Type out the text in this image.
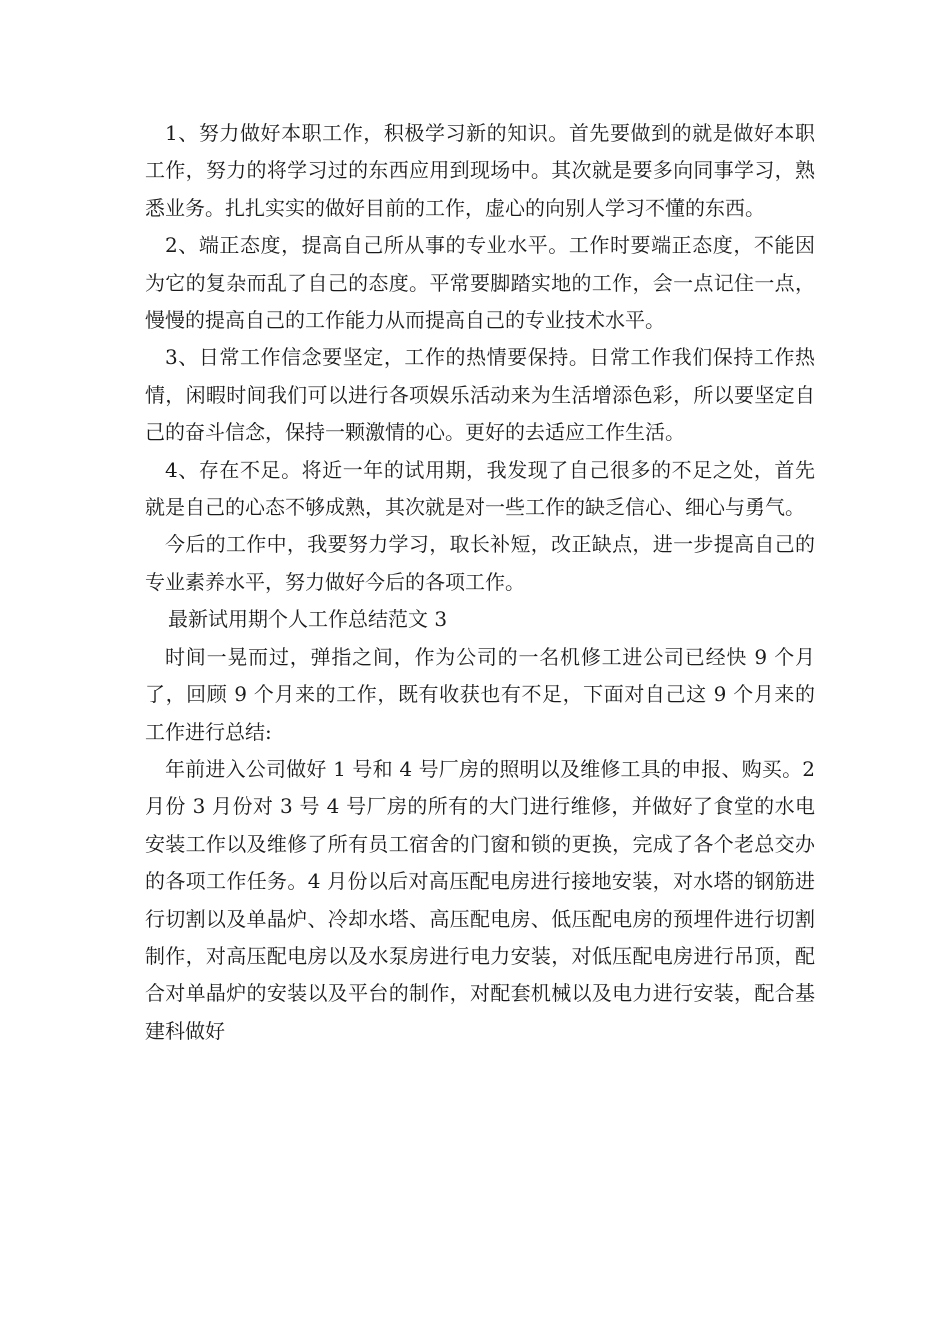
1、努力做好本职工作，积极学习新的知识。首先要做到的就是做好本职工作，努力的将学习过的东西应用到现场中。其次就是要多向同事学习，熟悉业务。扎扎实实的做好目前的工作，虚心的向别人学习不懂的东西。

2、端正态度，提高自己所从事的专业水平。工作时要端正态度，不能因为它的复杂而乱了自己的态度。平常要脚踏实地的工作，会一点记住一点，慢慢的提高自己的工作能力从而提高自己的专业技术水平。

3、日常工作信念要坚定，工作的热情要保持。日常工作我们保持工作热情，闲暇时间我们可以进行各项娱乐活动来为生活增添色彩，所以要坚定自己的奋斗信念，保持一颗激情的心。更好的去适应工作生活。

4、存在不足。将近一年的试用期，我发现了自己很多的不足之处，首先就是自己的心态不够成熟，其次就是对一些工作的缺乏信心、细心与勇气。

今后的工作中，我要努力学习，取长补短，改正缺点，进一步提高自己的专业素养水平，努力做好今后的各项工作。

最新试用期个人工作总结范文 3

时间一晃而过，弹指之间，作为公司的一名机修工进公司已经快 9 个月了，回顾 9 个月来的工作，既有收获也有不足，下面对自己这 9 个月来的工作进行总结:

年前进入公司做好 1 号和 4 号厂房的照明以及维修工具的申报、购买。2 月份 3 月份对 3 号 4 号厂房的所有的大门进行维修，并做好了食堂的水电安装工作以及维修了所有员工宿舍的门窗和锁的更换，完成了各个老总交办的各项工作任务。4 月份以后对高压配电房进行接地安装，对水塔的钢筋进行切割以及单晶炉、冷却水塔、高压配电房、低压配电房的预埋件进行切割制作，对高压配电房以及水泵房进行电力安装，对低压配电房进行吊顶，配合对单晶炉的安装以及平台的制作，对配套机械以及电力进行安装，配合基建科做好
